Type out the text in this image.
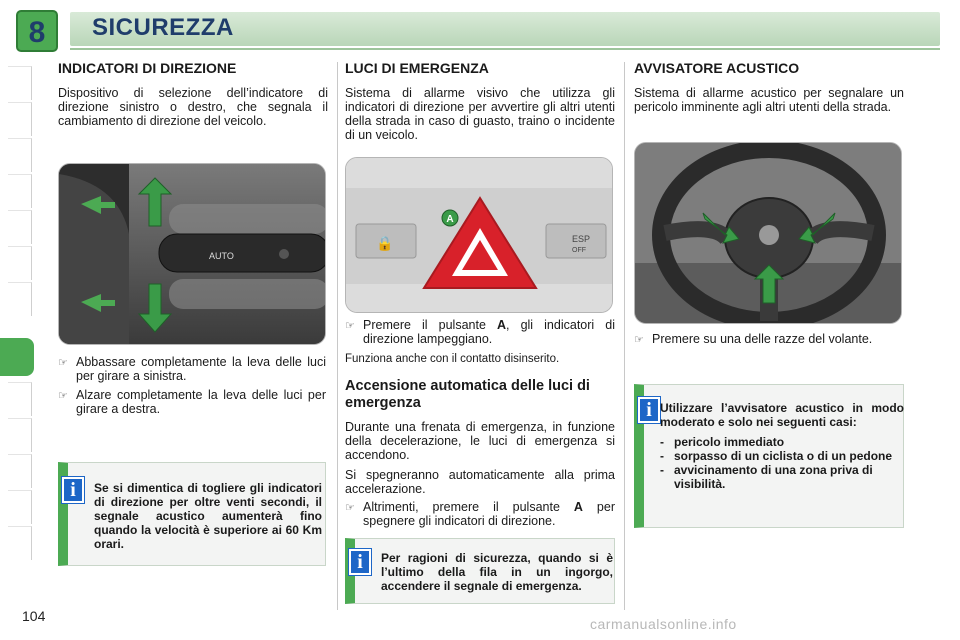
8 SICUREZZA
INDICATORI DI DIREZIONE

Dispositivo di selezione dell’indicatore di direzione sinistro o destro, che segnala il cambiamento di direzione del veicolo.

AUTO
☞ Abbassare completamente la leva delle luci per girare a sinistra.
☞ Alzare completamente la leva delle luci per girare a destra.
i	Se si dimentica di togliere gli indicatori di direzione per oltre venti secondi, il segnale acustico aumenterà fino quando la velocità è superiore ai 60 Km orari.
LUCI DI EMERGENZA

Sistema di allarme visivo che utilizza gli indicatori di direzione per avvertire gli altri utenti della strada in caso di guasto, traino o incidente di un veicolo.

🔒	ESP
OFF
A
☞ Premere il pulsante A, gli indicatori di direzione lampeggiano.

Funziona anche con il contatto disinserito.

Accensione automatica delle luci di emergenza

Durante una frenata di emergenza, in funzione della decelerazione, le luci di emergenza si accendono.

Si spegneranno automaticamente alla prima accelerazione.

☞ Altrimenti, premere il pulsante A per spegnere gli indicatori di direzione.
i	Per ragioni di sicurezza, quando si è l’ultimo della fila in un ingorgo, accendere il segnale di emergenza.
AVVISATORE ACUSTICO

Sistema di allarme acustico per segnalare un pericolo imminente agli altri utenti della strada.

☞ Premere su una delle razze del volante.
i Utilizzare l’avvisatore acustico in modo moderato e solo nei seguenti casi:
- pericolo immediato
- sorpasso di un ciclista o di un pedone
- avvicinamento di una zona priva di visibilità.
104	carmanualsonline.info
